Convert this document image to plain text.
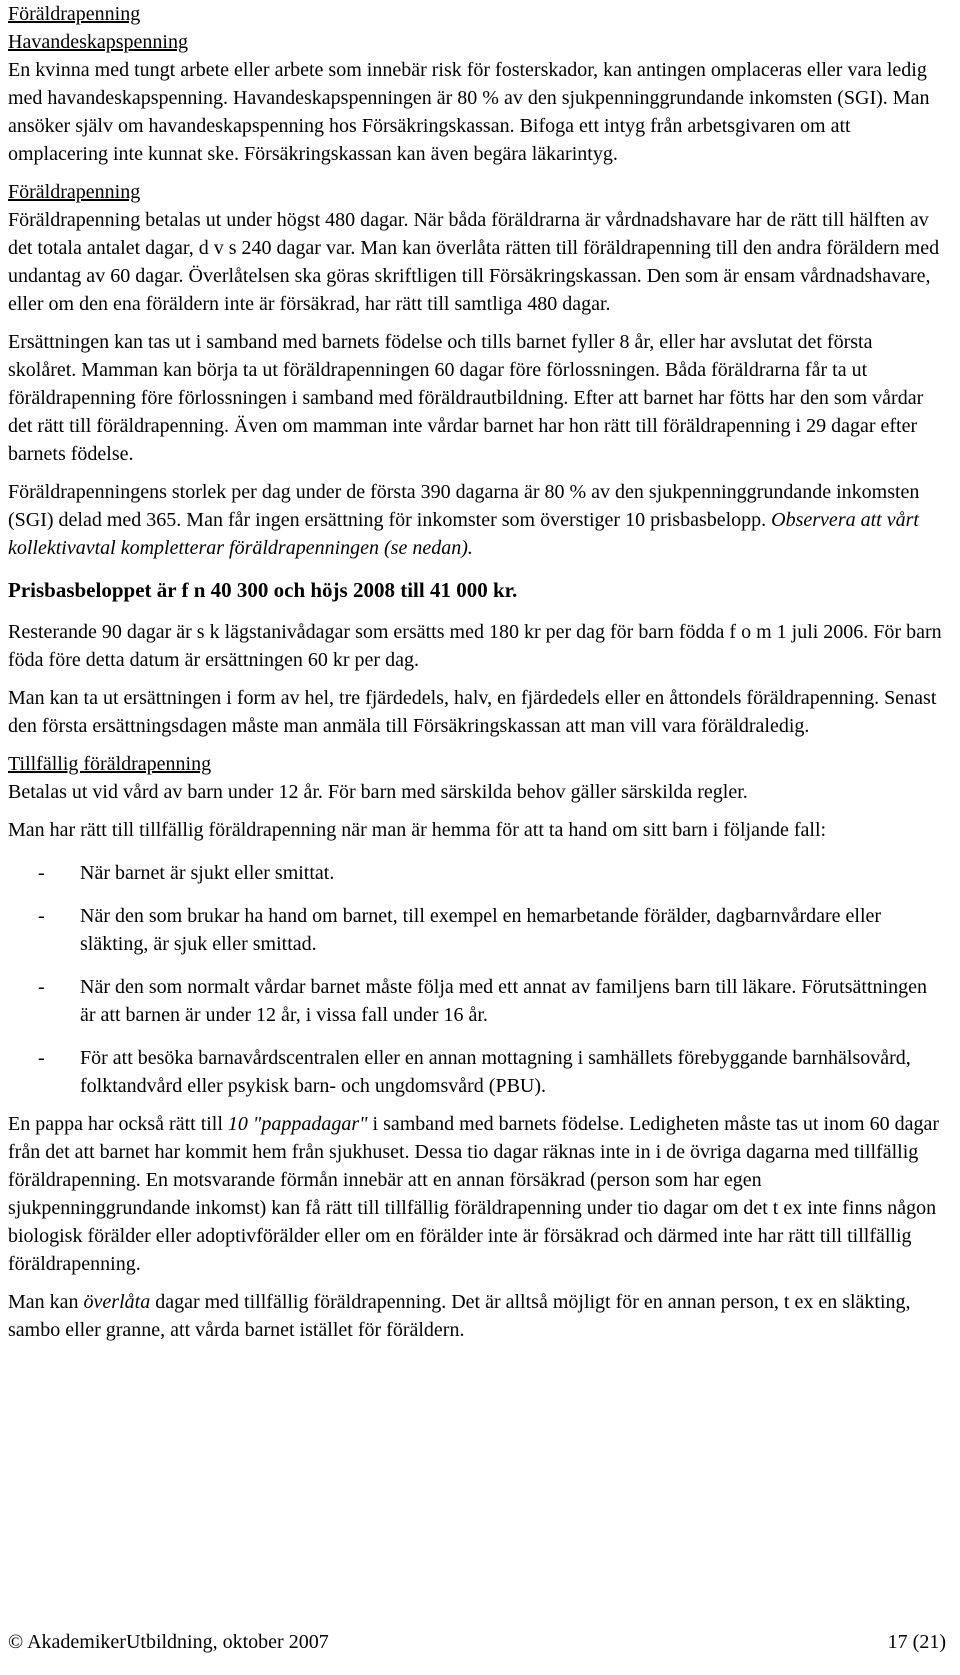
Föräldrapenning

Havandeskapspenning

En kvinna med tungt arbete eller arbete som innebär risk för fosterskador, kan antingen omplaceras eller vara ledig med havandeskapspenning. Havandeskapspenningen är 80 % av den sjukpenninggrundande inkomsten (SGI). Man ansöker själv om havandeskapspenning hos Försäkringskassan. Bifoga ett intyg från arbetsgivaren om att omplacering inte kunnat ske. Försäkringskassan kan även begära läkarintyg.

Föräldrapenning

Föräldrapenning betalas ut under högst 480 dagar. När båda föräldrarna är vårdnadshavare har de rätt till hälften av det totala antalet dagar, d v s 240 dagar var. Man kan överlåta rätten till föräldrapenning till den andra föräldern med undantag av 60 dagar. Överlåtelsen ska göras skriftligen till Försäkringskassan. Den som är ensam vårdnadshavare, eller om den ena föräldern inte är försäkrad, har rätt till samtliga 480 dagar.

Ersättningen kan tas ut i samband med barnets födelse och tills barnet fyller 8 år, eller har avslutat det första skolåret. Mamman kan börja ta ut föräldrapenningen 60 dagar före förlossningen. Båda föräldrarna får ta ut föräldrapenning före förlossningen i samband med föräldrautbildning. Efter att barnet har fötts har den som vårdar det rätt till föräldrapenning. Även om mamman inte vårdar barnet har hon rätt till föräldrapenning i 29 dagar efter barnets födelse.

Föräldrapenningens storlek per dag under de första 390 dagarna är 80 % av den sjukpenninggrundande inkomsten (SGI) delad med 365. Man får ingen ersättning för inkomster som överstiger 10 prisbasbelopp. Observera att vårt kollektivavtal kompletterar föräldrapenningen (se nedan).

Prisbasbeloppet är f n 40 300 och höjs 2008 till 41 000 kr.

Resterande 90 dagar är s k lägstanivådagar som ersätts med 180 kr per dag för barn födda f o m 1 juli 2006. För barn föda före detta datum är ersättningen 60 kr per dag.

Man kan ta ut ersättningen i form av hel, tre fjärdedels, halv, en fjärdedels eller en åttondels föräldrapenning. Senast den första ersättningsdagen måste man anmäla till Försäkringskassan att man vill vara föräldraledig.

Tillfällig föräldrapenning

Betalas ut vid vård av barn under 12 år. För barn med särskilda behov gäller särskilda regler.

Man har rätt till tillfällig föräldrapenning när man är hemma för att ta hand om sitt barn i följande fall:

- När barnet är sjukt eller smittat.
- När den som brukar ha hand om barnet, till exempel en hemarbetande förälder, dagbarnvårdare eller släkting, är sjuk eller smittad.
- När den som normalt vårdar barnet måste följa med ett annat av familjens barn till läkare. Förutsättningen är att barnen är under 12 år, i vissa fall under 16 år.
- För att besöka barnavårdscentralen eller en annan mottagning i samhällets förebyggande barnhälsovård, folktandvård eller psykisk barn- och ungdomsvård (PBU).

En pappa har också rätt till 10 "pappadagar" i samband med barnets födelse. Ledigheten måste tas ut inom 60 dagar från det att barnet har kommit hem från sjukhuset. Dessa tio dagar räknas inte in i de övriga dagarna med tillfällig föräldrapenning. En motsvarande förmån innebär att en annan försäkrad (person som har egen sjukpenninggrundande inkomst) kan få rätt till tillfällig föräldrapenning under tio dagar om det t ex inte finns någon biologisk förälder eller adoptivförälder eller om en förälder inte är försäkrad och därmed inte har rätt till tillfällig föräldrapenning.

Man kan överlåta dagar med tillfällig föräldrapenning. Det är alltså möjligt för en annan person, t ex en släkting, sambo eller granne, att vårda barnet istället för föräldern.

© AkademikerUtbildning, oktober 2007	17 (21)
